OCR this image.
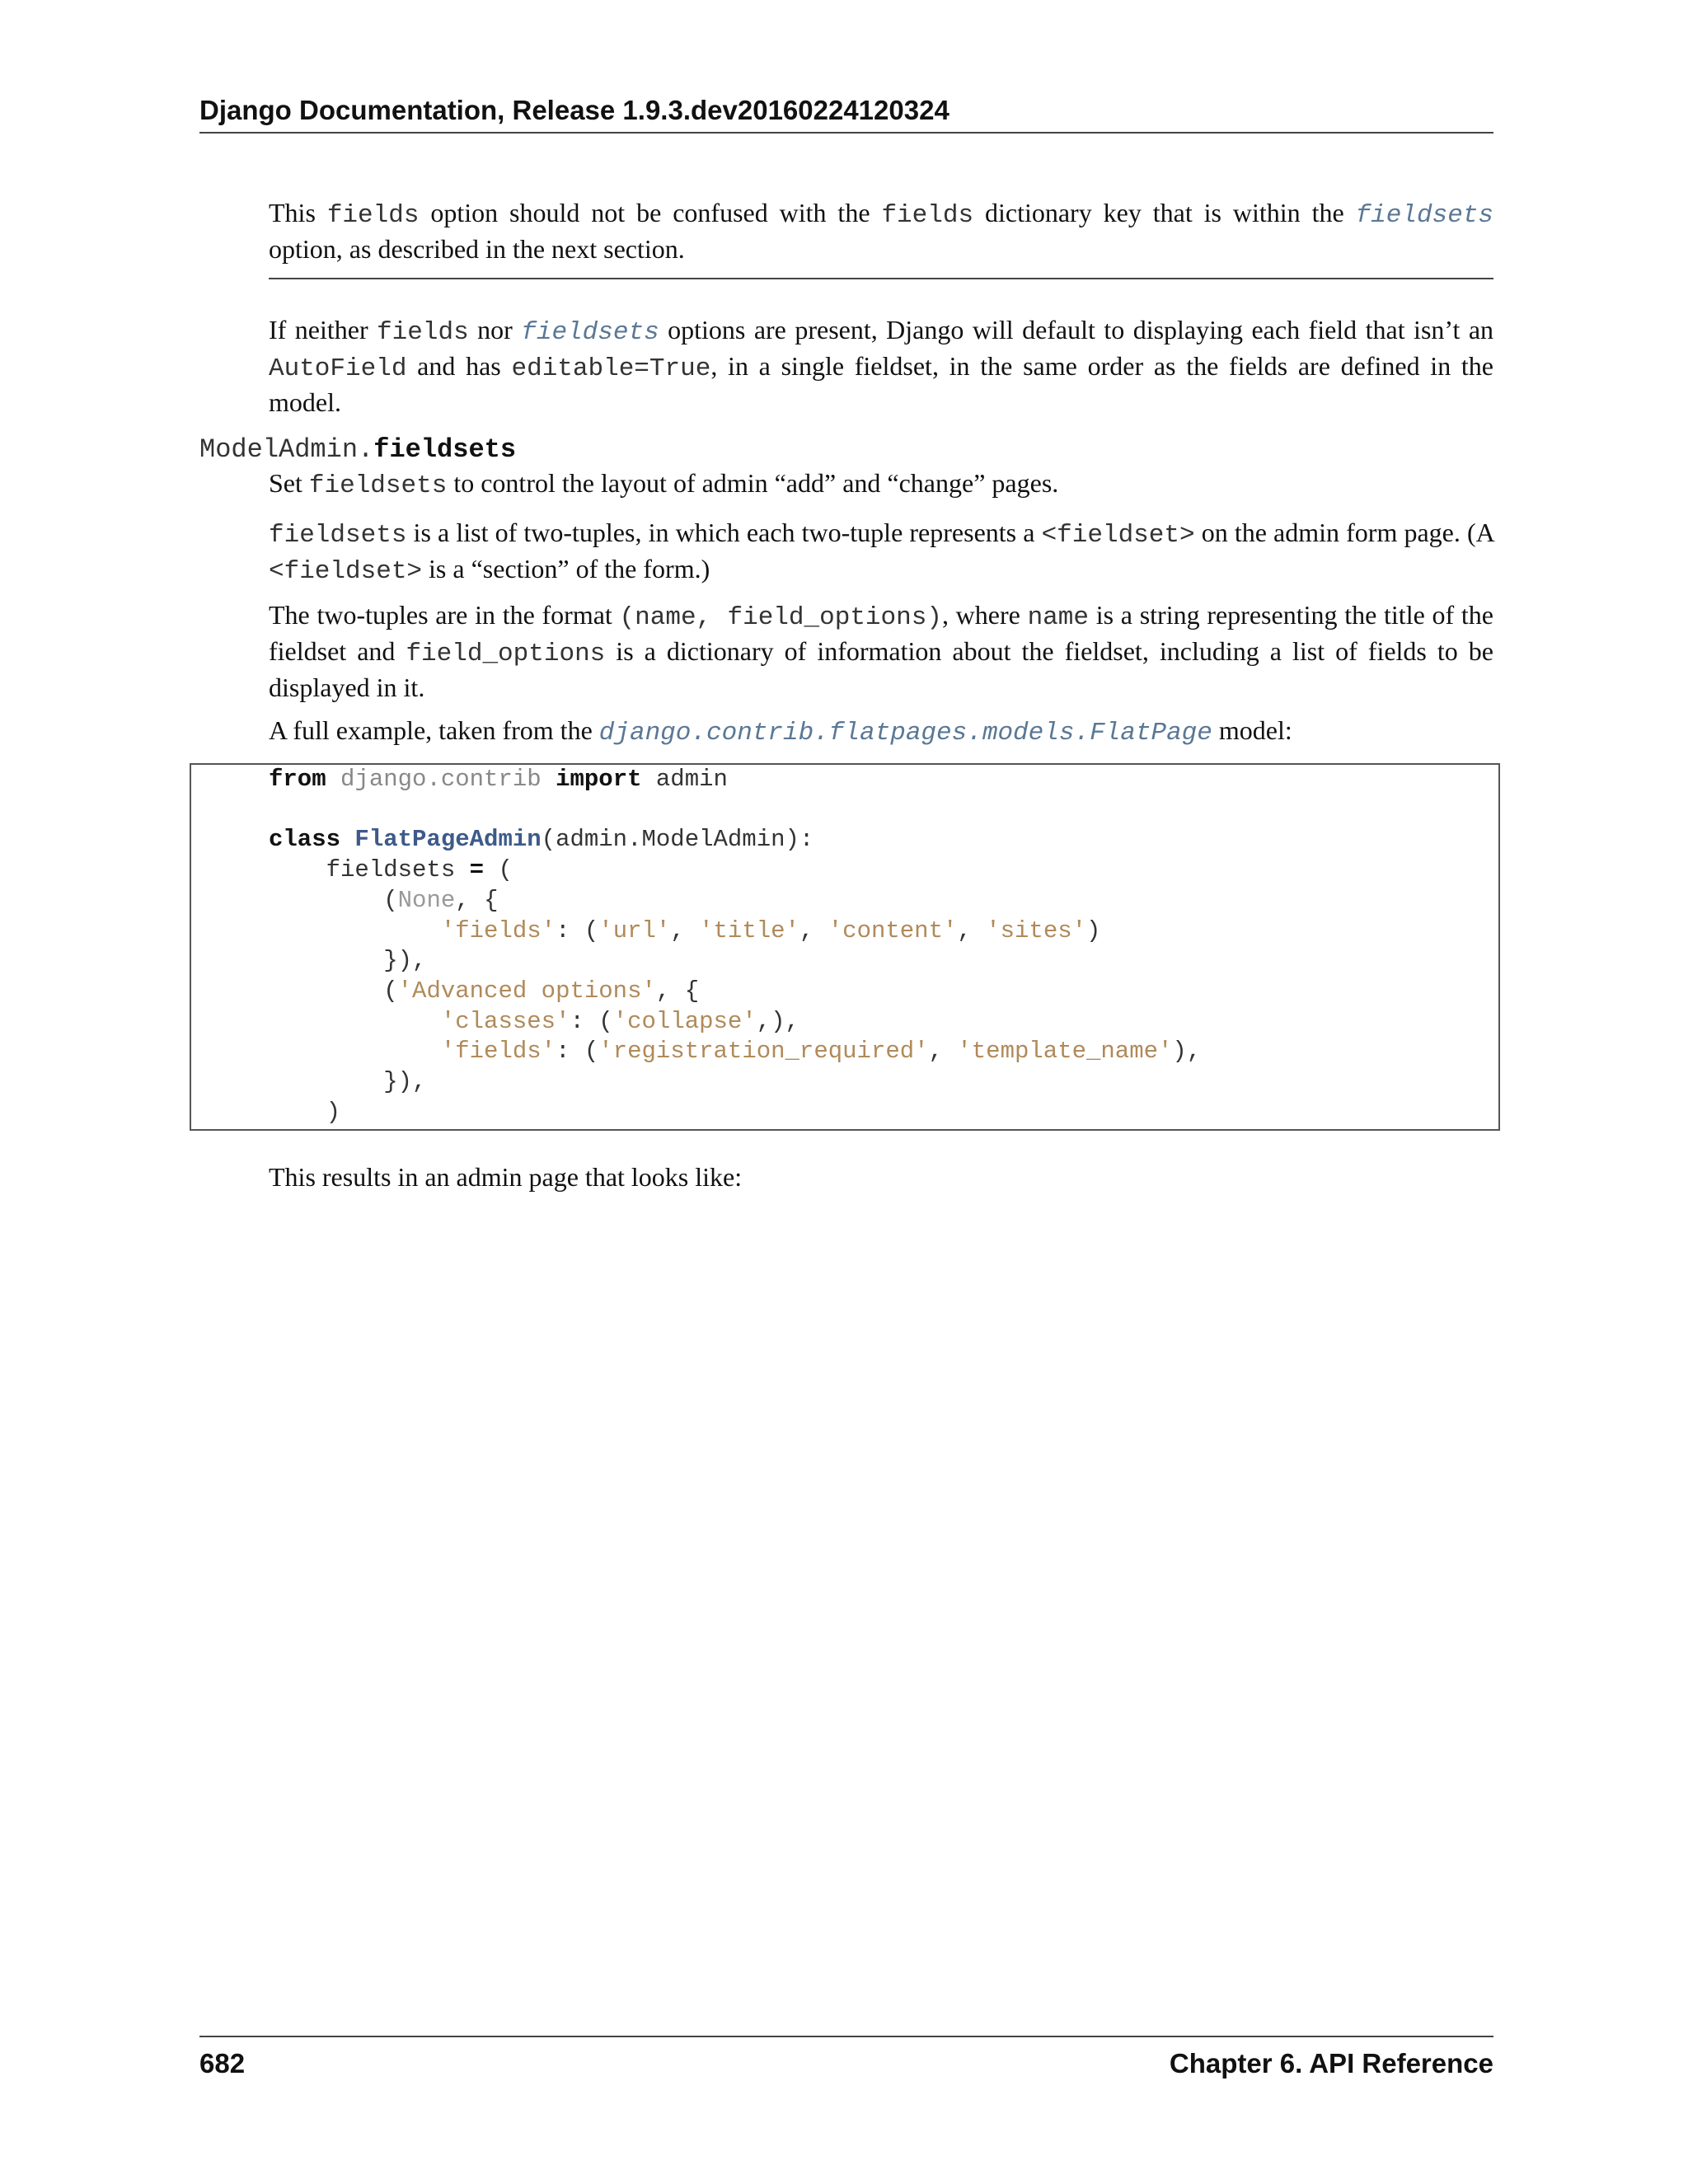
Django Documentation, Release 1.9.3.dev20160224120324
This fields option should not be confused with the fields dictionary key that is within the fieldsets option, as described in the next section.
If neither fields nor fieldsets options are present, Django will default to displaying each field that isn’t an AutoField and has editable=True, in a single fieldset, in the same order as the fields are defined in the model.
ModelAdmin.fieldsets
Set fieldsets to control the layout of admin “add” and “change” pages.
fieldsets is a list of two-tuples, in which each two-tuple represents a <fieldset> on the admin form page. (A <fieldset> is a “section” of the form.)
The two-tuples are in the format (name, field_options), where name is a string representing the title of the fieldset and field_options is a dictionary of information about the fieldset, including a list of fields to be displayed in it.
A full example, taken from the django.contrib.flatpages.models.FlatPage model:
from django.contrib import admin

class FlatPageAdmin(admin.ModelAdmin):
fieldsets = (
(None, {
'fields': ('url', 'title', 'content', 'sites')
}),
('Advanced options', {
'classes': ('collapse',),
'fields': ('registration_required', 'template_name'),
}),
)
This results in an admin page that looks like:
682	Chapter 6. API Reference
